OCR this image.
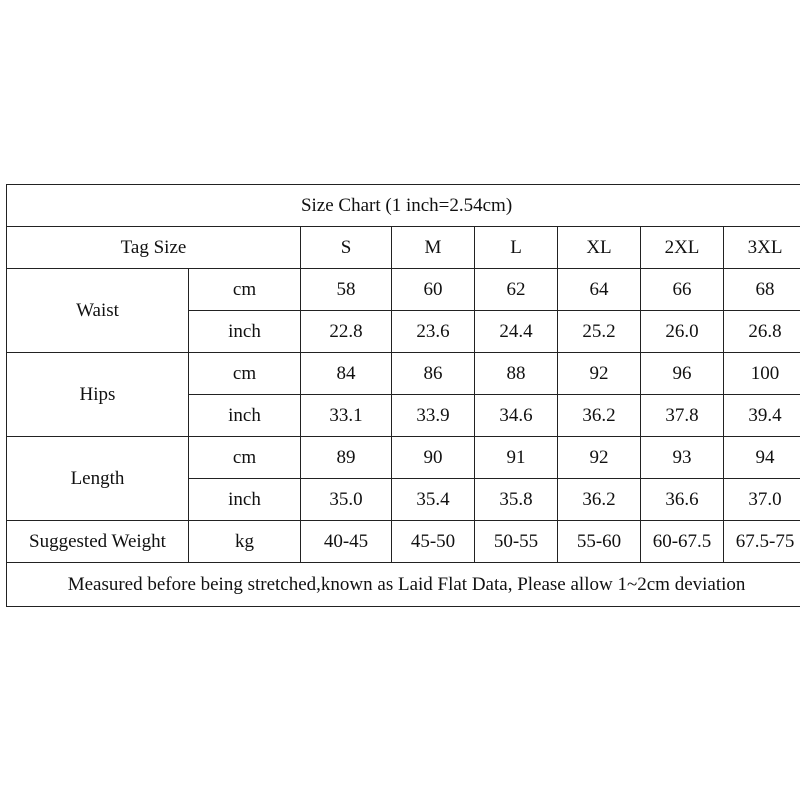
Size Chart (1 inch=2.54cm)							
Tag Size		S	M	L	XL	2XL	3XL
Waist	cm	58	60	62	64	66	68
	inch	22.8	23.6	24.4	25.2	26.0	26.8
Hips	cm	84	86	88	92	96	100
	inch	33.1	33.9	34.6	36.2	37.8	39.4
Length	cm	89	90	91	92	93	94
	inch	35.0	35.4	35.8	36.2	36.6	37.0
Suggested Weight	kg	40-45	45-50	50-55	55-60	60-67.5	67.5-75
Measured before being stretched,known as Laid Flat Data, Please allow 1~2cm deviation							
